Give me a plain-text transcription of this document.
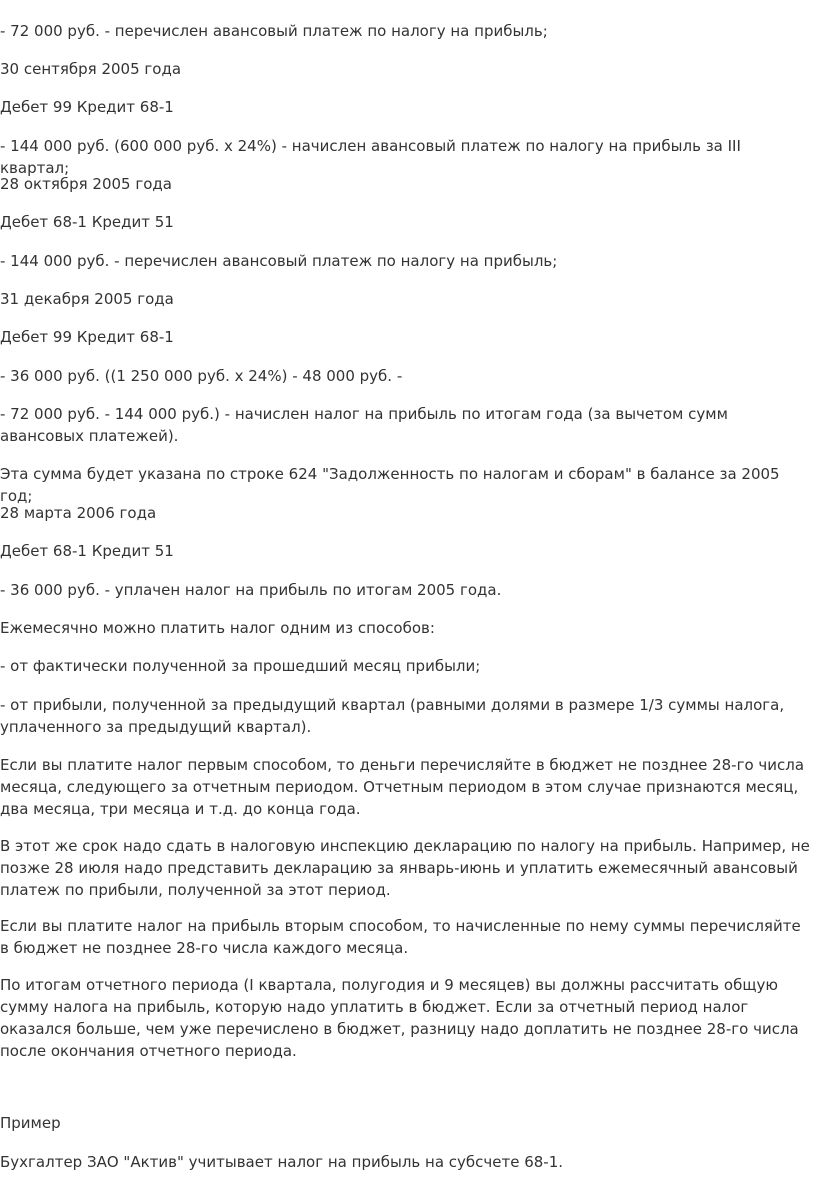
- 72 000 руб. - перечислен авансовый платеж по налогу на прибыль;

30 сентября 2005 года

Дебет 99 Кредит 68-1

- 144 000 руб. (600 000 руб. x 24%) - начислен авансовый платеж по налогу на прибыль за III квартал;

28 октября 2005 года

Дебет 68-1 Кредит 51

- 144 000 руб. - перечислен авансовый платеж по налогу на прибыль;

31 декабря 2005 года

Дебет 99 Кредит 68-1

- 36 000 руб. ((1 250 000 руб. x 24%) - 48 000 руб. -

- 72 000 руб. - 144 000 руб.) - начислен налог на прибыль по итогам года (за вычетом сумм авансовых платежей).

Эта сумма будет указана по строке 624 "Задолженность по налогам и сборам" в балансе за 2005 год;

28 марта 2006 года

Дебет 68-1 Кредит 51

- 36 000 руб. - уплачен налог на прибыль по итогам 2005 года.

Ежемесячно можно платить налог одним из способов:

- от фактически полученной за прошедший месяц прибыли;

- от прибыли, полученной за предыдущий квартал (равными долями в размере 1/3 суммы налога, уплаченного за предыдущий квартал).

Если вы платите налог первым способом, то деньги перечисляйте в бюджет не позднее 28-го числа месяца, следующего за отчетным периодом. Отчетным периодом в этом случае признаются месяц, два месяца, три месяца и т.д. до конца года.

В этот же срок надо сдать в налоговую инспекцию декларацию по налогу на прибыль. Например, не позже 28 июля надо представить декларацию за январь-июнь и уплатить ежемесячный авансовый платеж по прибыли, полученной за этот период.

Если вы платите налог на прибыль вторым способом, то начисленные по нему суммы перечисляйте в бюджет не позднее 28-го числа каждого месяца.

По итогам отчетного периода (I квартала, полугодия и 9 месяцев) вы должны рассчитать общую сумму налога на прибыль, которую надо уплатить в бюджет. Если за отчетный период налог оказался больше, чем уже перечислено в бюджет, разницу надо доплатить не позднее 28-го числа после окончания отчетного периода.

Пример

Бухгалтер ЗАО "Актив" учитывает налог на прибыль на субсчете 68-1.
